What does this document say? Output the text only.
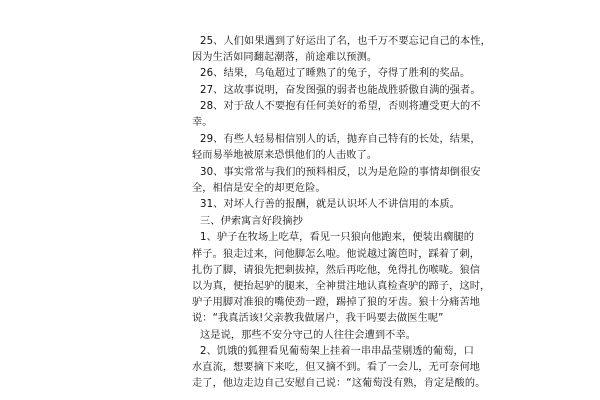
25、人们如果遇到了好运出了名，也千万不要忘记自己的本性，

因为生活如同翻起潮落，前途难以预测。

26、结果，乌龟超过了睡熟了的兔子，夺得了胜利的奖品。

27、这故事说明，奋发图强的弱者也能战胜骄傲自满的强者。

28、对于敌人不要抱有任何美好的希望，否则将遭受更大的不

幸。

29、有些人轻易相信别人的话，抛弃自己特有的长处，结果，

轻而易举地被原来恐惧他们的人击败了。

30、事实常常与我们的预料相反，以为是危险的事情却倒很安

全，相信是安全的却更危险。

31、对坏人行善的报酬，就是认识坏人不讲信用的本质。

三、伊索寓言好段摘抄

1、驴子在牧场上吃草，看见一只狼向他跑来，便装出瘸腿的

样子。狼走过来，问他脚怎么啦。他说越过篱笆时，踩着了刺，

扎伤了脚，请狼先把刺拔掉，然后再吃他，免得扎伤喉咙。狼信

以为真，便抬起驴的腿来，全神贯注地认真检查驴的蹄子，这时，

驴子用脚对准狼的嘴使劲一蹬，踢掉了狼的牙齿。狼十分痛苦地

说：“我真活该!父亲教我做屠户，我干吗要去做医生呢”

这是说，那些不安分守己的人往往会遭到不幸。

2、饥饿的狐狸看见葡萄架上挂着一串串晶莹剔透的葡萄，口

水直流，想要摘下来吃，但又摘不到。看了一会儿，无可奈何地

走了，他边走边自己安慰自己说：“这葡萄没有熟，肯定是酸的。
